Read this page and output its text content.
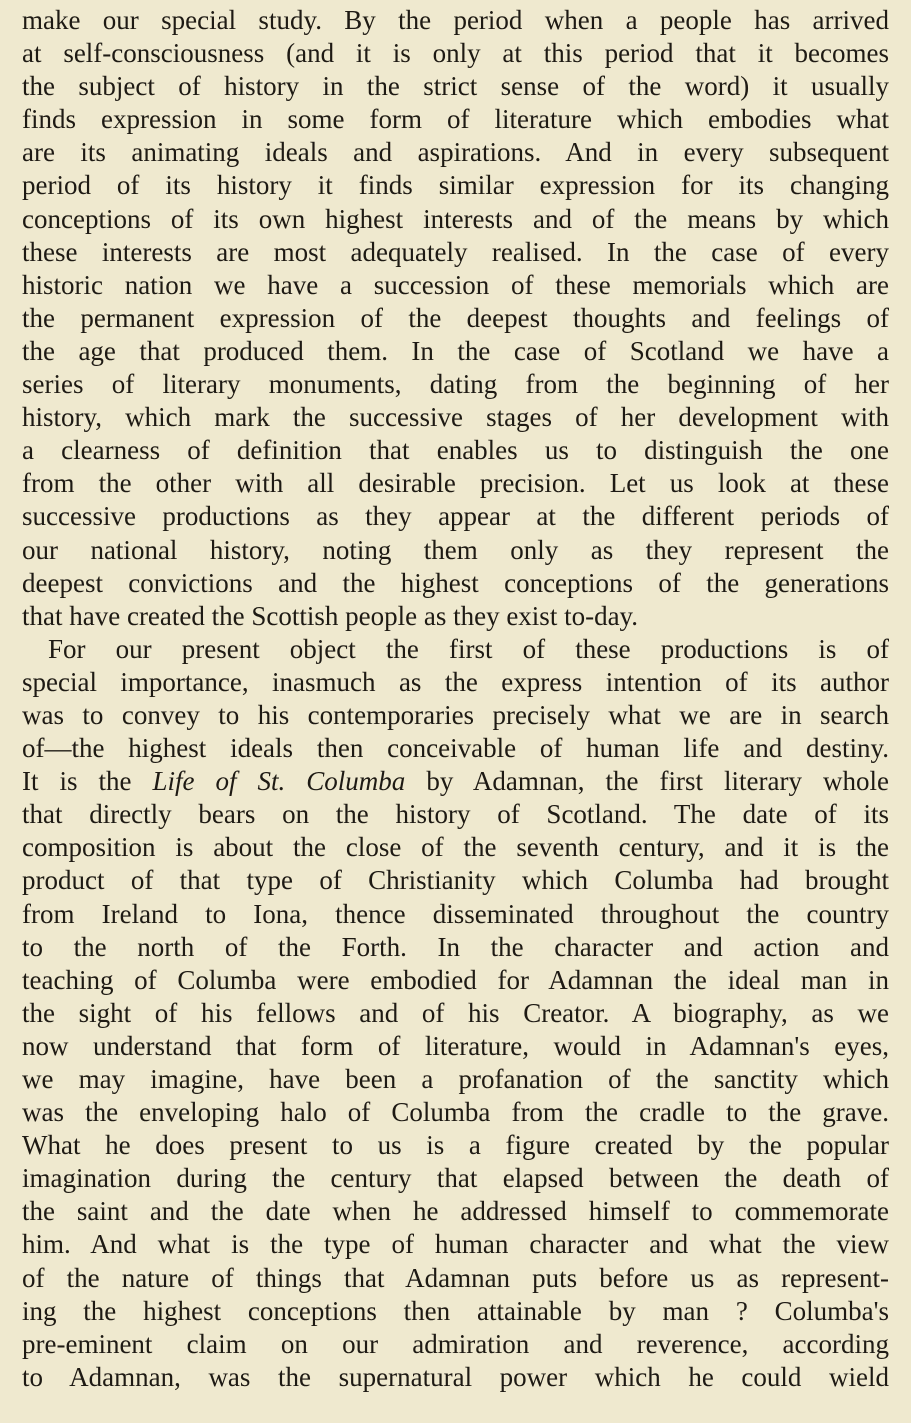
make our special study. By the period when a people has arrived
at self-consciousness (and it is only at this period that it becomes
the subject of history in the strict sense of the word) it usually
finds expression in some form of literature which embodies what
are its animating ideals and aspirations. And in every subsequent
period of its history it finds similar expression for its changing
conceptions of its own highest interests and of the means by which
these interests are most adequately realised. In the case of every
historic nation we have a succession of these memorials which are
the permanent expression of the deepest thoughts and feelings of
the age that produced them. In the case of Scotland we have a
series of literary monuments, dating from the beginning of her
history, which mark the successive stages of her development with
a clearness of definition that enables us to distinguish the one
from the other with all desirable precision. Let us look at these
successive productions as they appear at the different periods of
our national history, noting them only as they represent the
deepest convictions and the highest conceptions of the generations
that have created the Scottish people as they exist to-day.
For our present object the first of these productions is of
special importance, inasmuch as the express intention of its author
was to convey to his contemporaries precisely what we are in search
of—the highest ideals then conceivable of human life and destiny.
It is the Life of St. Columba by Adamnan, the first literary whole
that directly bears on the history of Scotland. The date of its
composition is about the close of the seventh century, and it is the
product of that type of Christianity which Columba had brought
from Ireland to Iona, thence disseminated throughout the country
to the north of the Forth. In the character and action and
teaching of Columba were embodied for Adamnan the ideal man in
the sight of his fellows and of his Creator. A biography, as we
now understand that form of literature, would in Adamnan's eyes,
we may imagine, have been a profanation of the sanctity which
was the enveloping halo of Columba from the cradle to the grave.
What he does present to us is a figure created by the popular
imagination during the century that elapsed between the death of
the saint and the date when he addressed himself to commemorate
him. And what is the type of human character and what the view
of the nature of things that Adamnan puts before us as represent-
ing the highest conceptions then attainable by man ? Columba's
pre-eminent claim on our admiration and reverence, according
to Adamnan, was the supernatural power which he could wield
